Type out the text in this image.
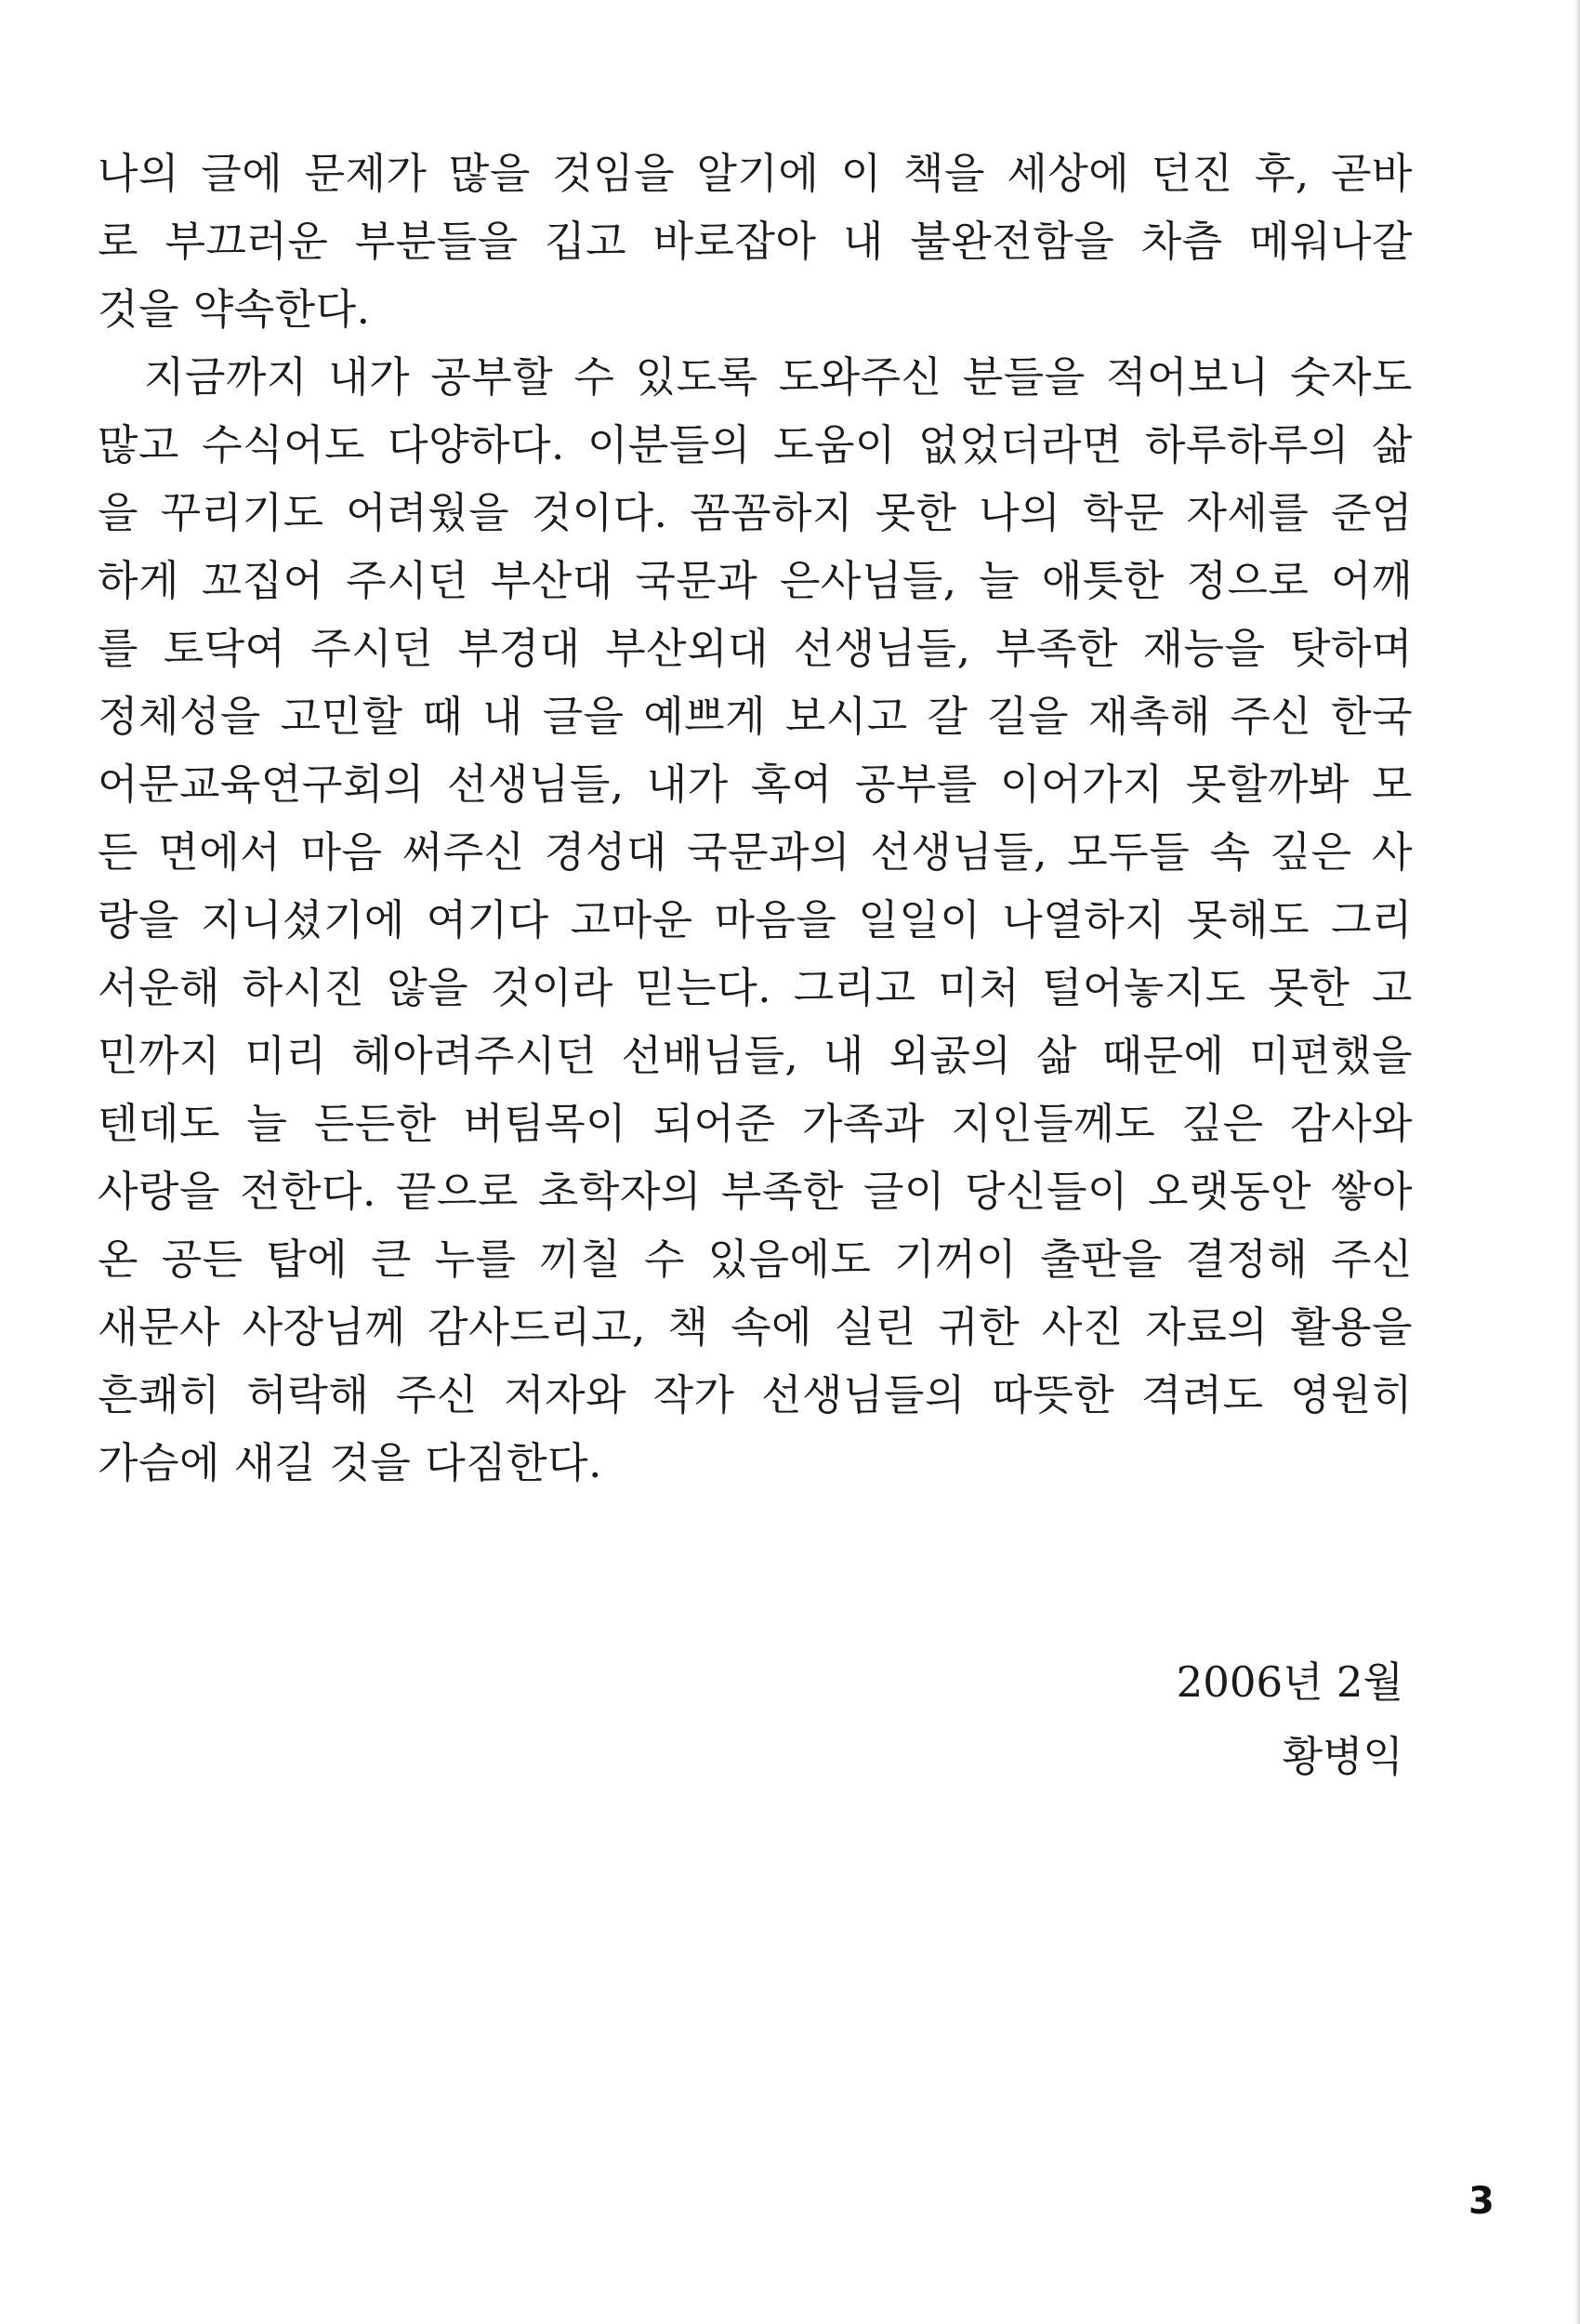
나의 글에 문제가 많을 것임을 알기에 이 책을 세상에 던진 후, 곧바
로 부끄러운 부분들을 깁고 바로잡아 내 불완전함을 차츰 메워나갈
것을 약속한다.
지금까지 내가 공부할 수 있도록 도와주신 분들을 적어보니 숫자도
많고 수식어도 다양하다. 이분들의 도움이 없었더라면 하루하루의 삶
을 꾸리기도 어려웠을 것이다. 꼼꼼하지 못한 나의 학문 자세를 준엄
하게 꼬집어 주시던 부산대 국문과 은사님들, 늘 애틋한 정으로 어깨
를 토닥여 주시던 부경대 부산외대 선생님들, 부족한 재능을 탓하며
정체성을 고민할 때 내 글을 예쁘게 보시고 갈 길을 재촉해 주신 한국
어문교육연구회의 선생님들, 내가 혹여 공부를 이어가지 못할까봐 모
든 면에서 마음 써주신 경성대 국문과의 선생님들, 모두들 속 깊은 사
랑을 지니셨기에 여기다 고마운 마음을 일일이 나열하지 못해도 그리
서운해 하시진 않을 것이라 믿는다. 그리고 미처 털어놓지도 못한 고
민까지 미리 헤아려주시던 선배님들, 내 외곬의 삶 때문에 미편했을
텐데도 늘 든든한 버팀목이 되어준 가족과 지인들께도 깊은 감사와
사랑을 전한다. 끝으로 초학자의 부족한 글이 당신들이 오랫동안 쌓아
온 공든 탑에 큰 누를 끼칠 수 있음에도 기꺼이 출판을 결정해 주신
새문사 사장님께 감사드리고, 책 속에 실린 귀한 사진 자료의 활용을
흔쾌히 허락해 주신 저자와 작가 선생님들의 따뜻한 격려도 영원히
가슴에 새길 것을 다짐한다.
2006년 2월
황병익
3
